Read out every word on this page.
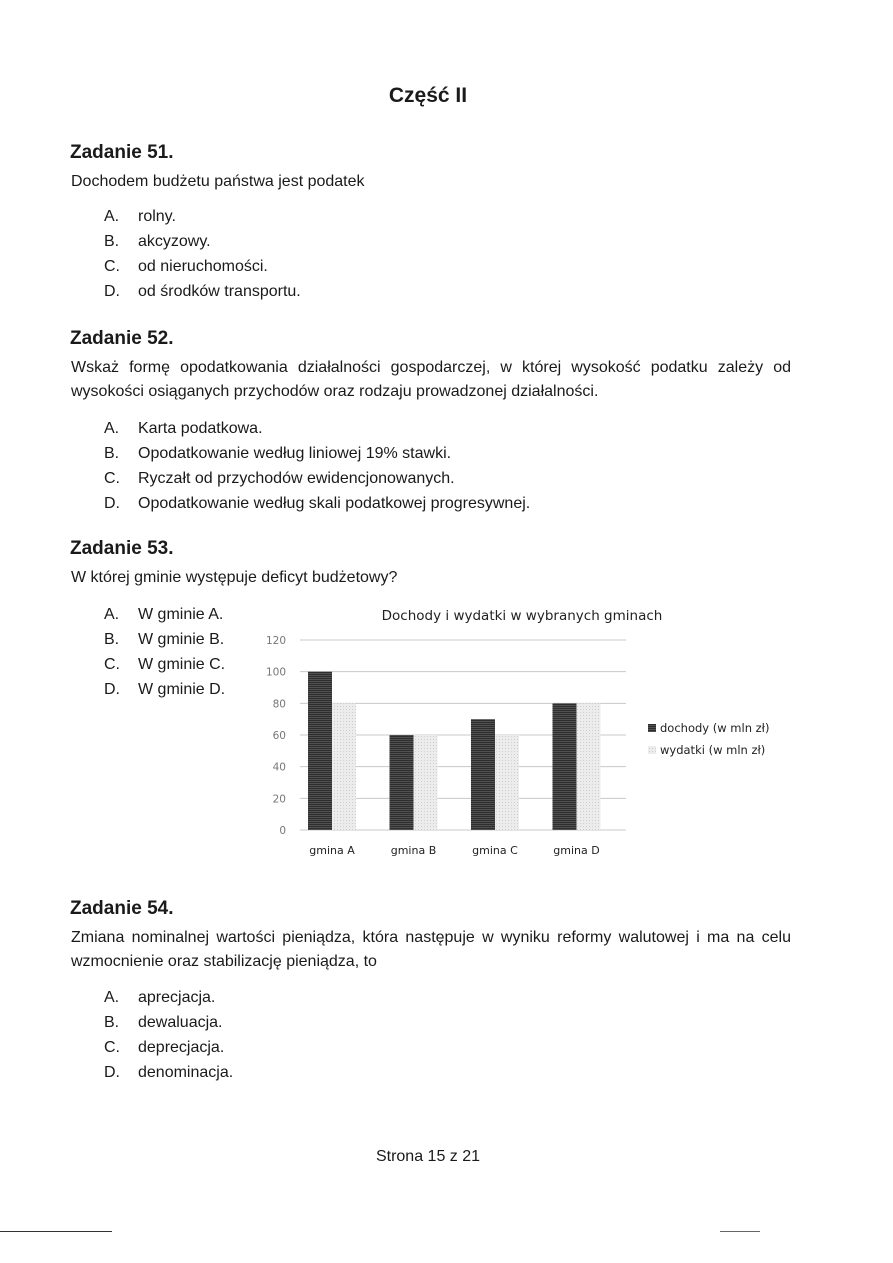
Część II
Zadanie 51.
Dochodem budżetu państwa jest podatek
A. rolny.
B. akcyzowy.
C. od nieruchomości.
D. od środków transportu.
Zadanie 52.
Wskaż formę opodatkowania działalności gospodarczej, w której wysokość podatku zależy od wysokości osiąganych przychodów oraz rodzaju prowadzonej działalności.
A. Karta podatkowa.
B. Opodatkowanie według liniowej 19% stawki.
C. Ryczałt od przychodów ewidencjonowanych.
D. Opodatkowanie według skali podatkowej progresywnej.
Zadanie 53.
W której gminie występuje deficyt budżetowy?
A. W gminie A.
B. W gminie B.
C. W gminie C.
D. W gminie D.
Dochody i wydatki w wybranych gminach
0
20
40
60
80
100
120
gmina A	gmina B	gmina C	gmina D
dochody (w mln zł)
wydatki (w mln zł)
Zadanie 54.
Zmiana nominalnej wartości pieniądza, która następuje w wyniku reformy walutowej i ma na celu wzmocnienie oraz stabilizację pieniądza, to
A. aprecjacja.
B. dewaluacja.
C. deprecjacja.
D. denominacja.
Strona 15 z 21
